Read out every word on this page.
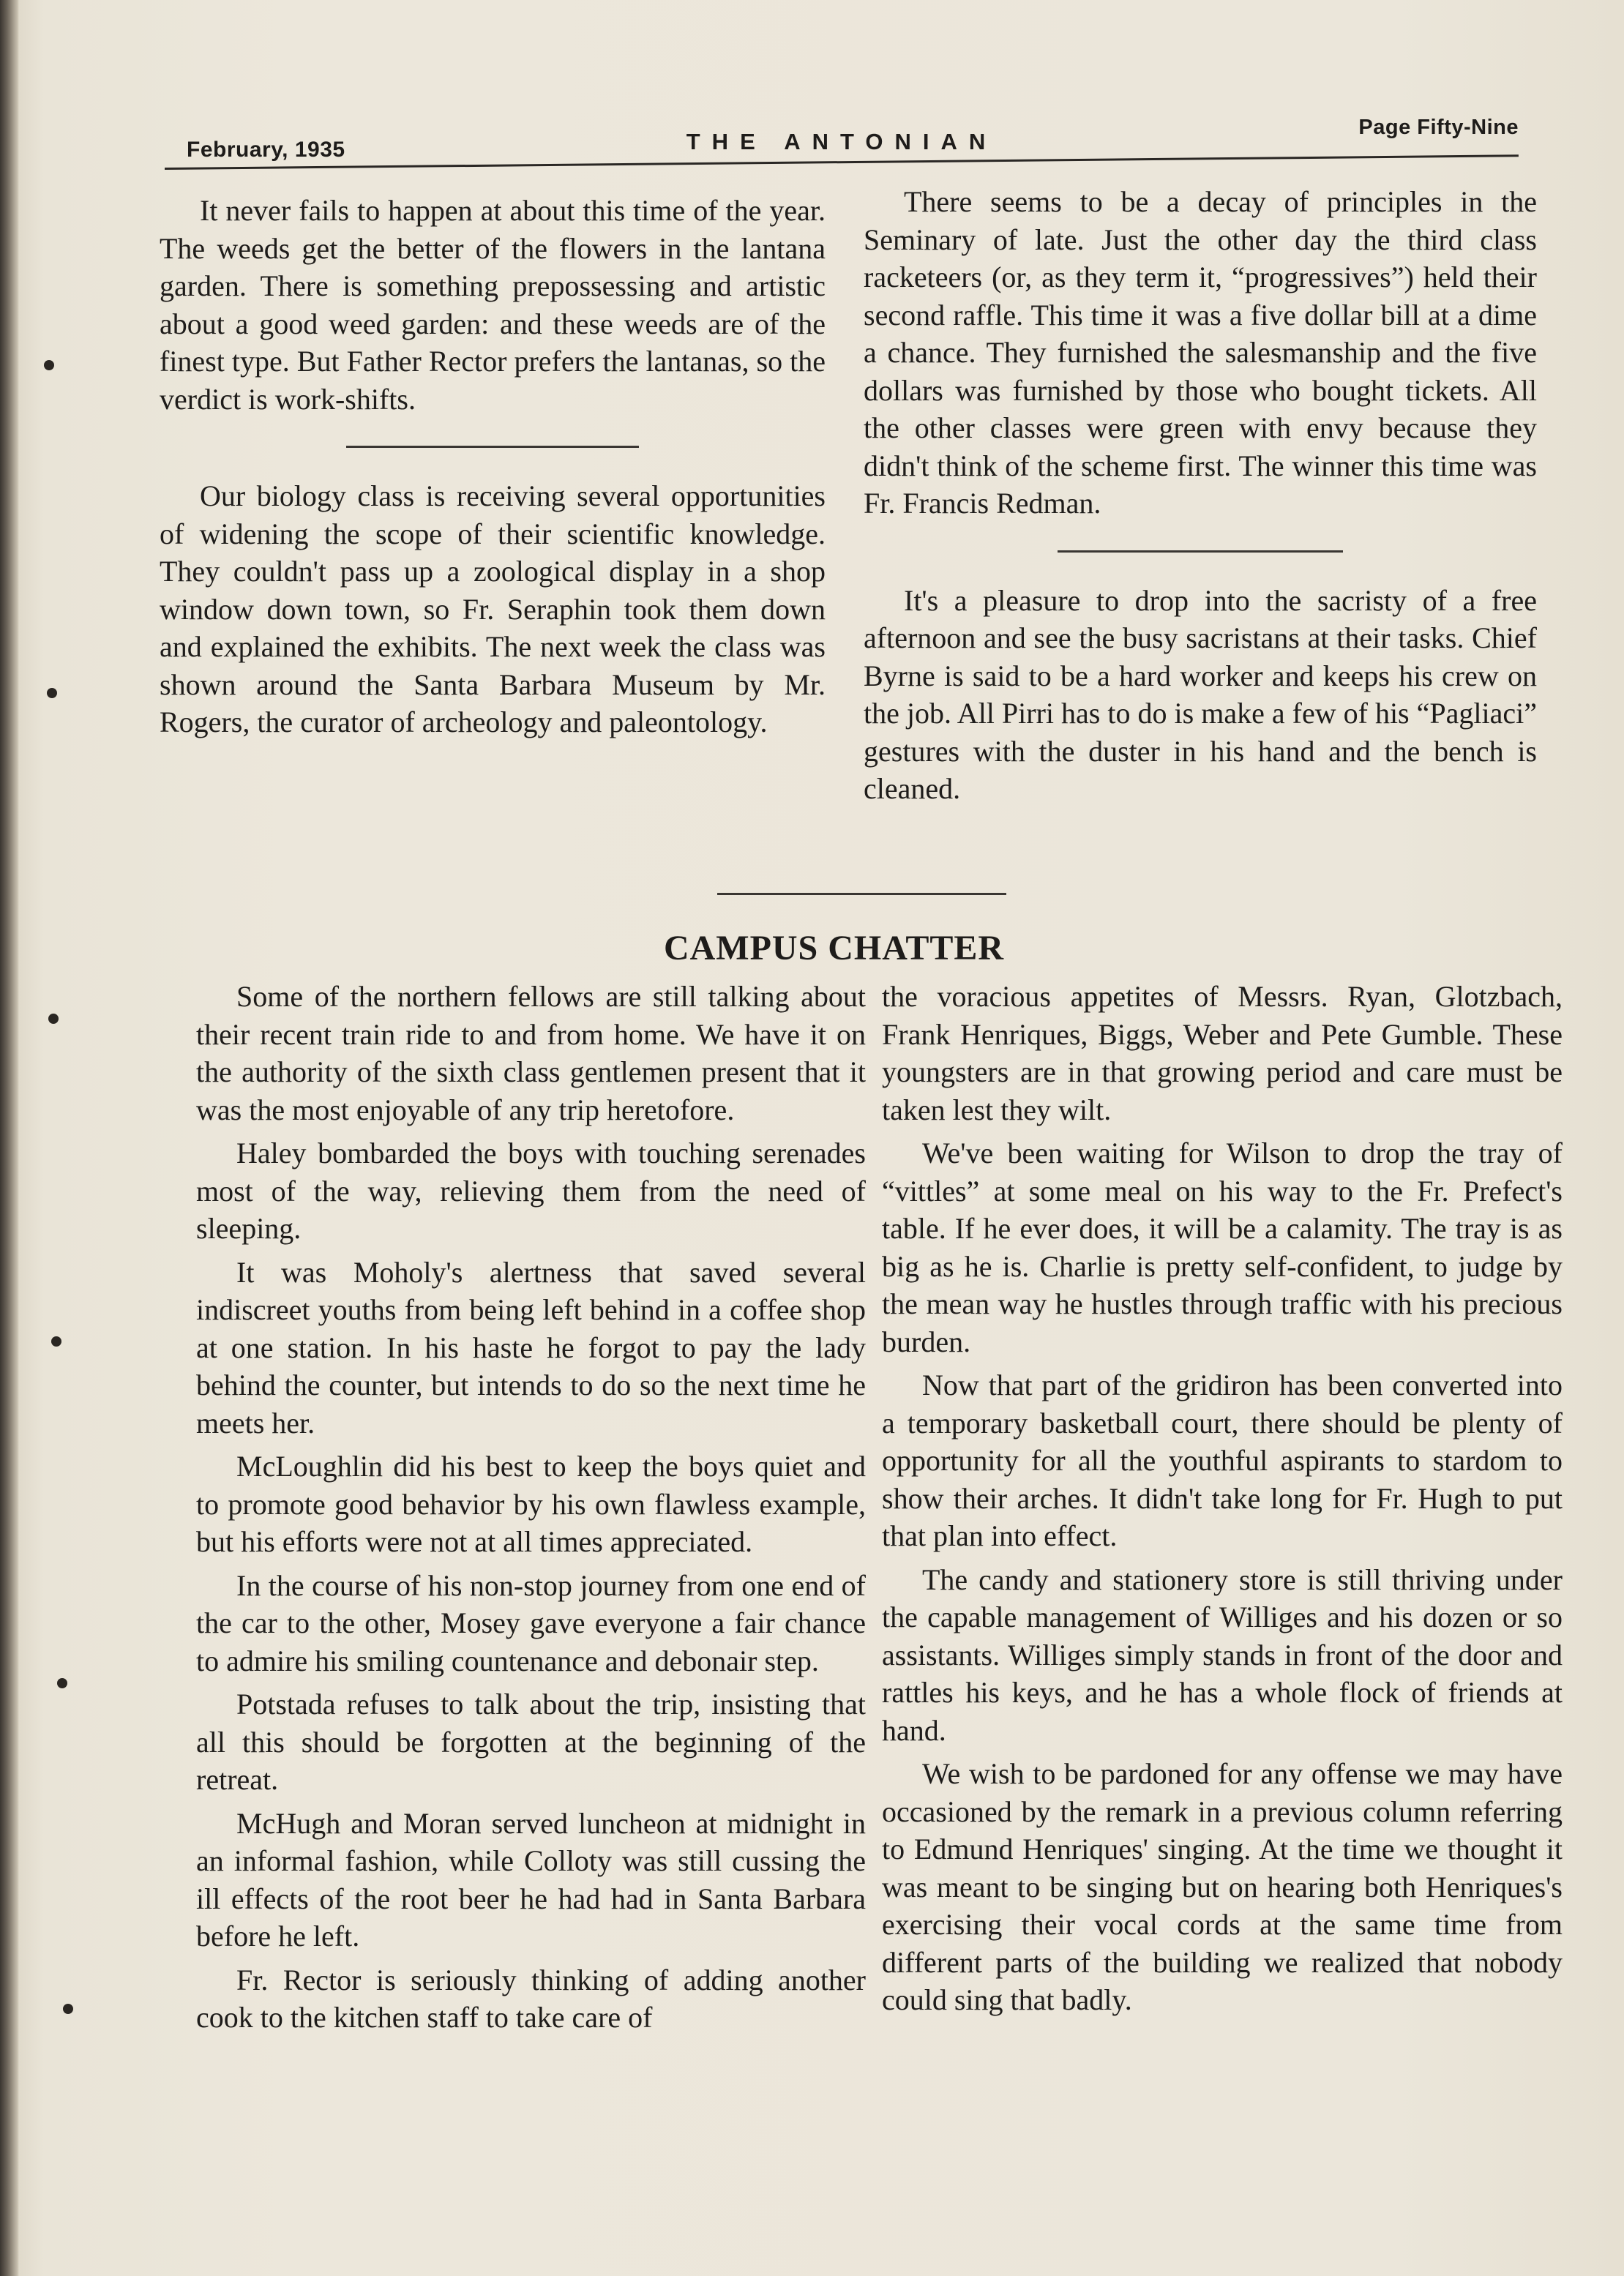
February, 1935	THE ANTONIAN
Page Fifty-Nine

It never fails to happen at about this time of the year. The weeds get the better of the flowers in the lantana garden. There is something prepossessing and artistic about a good weed garden: and these weeds are of the finest type. But Father Rector prefers the lantanas, so the verdict is work-shifts.

Our biology class is receiving several opportunities of widening the scope of their scientific knowledge. They couldn't pass up a zoological display in a shop window down town, so Fr. Seraphin took them down and explained the exhibits. The next week the class was shown around the Santa Barbara Museum by Mr. Rogers, the curator of archeology and paleontology.

There seems to be a decay of principles in the Seminary of late. Just the other day the third class racketeers (or, as they term it, “progressives”) held their second raffle. This time it was a five dollar bill at a dime a chance. They furnished the salesmanship and the five dollars was furnished by those who bought tickets. All the other classes were green with envy because they didn't think of the scheme first. The winner this time was Fr. Francis Redman.

It's a pleasure to drop into the sacristy of a free afternoon and see the busy sacristans at their tasks. Chief Byrne is said to be a hard worker and keeps his crew on the job. All Pirri has to do is make a few of his “Pagliaci” gestures with the duster in his hand and the bench is cleaned.

CAMPUS CHATTER

Some of the northern fellows are still talking about their recent train ride to and from home. We have it on the authority of the sixth class gentlemen present that it was the most enjoyable of any trip heretofore.

Haley bombarded the boys with touching serenades most of the way, relieving them from the need of sleeping.

It was Moholy's alertness that saved several indiscreet youths from being left behind in a coffee shop at one station. In his haste he forgot to pay the lady behind the counter, but intends to do so the next time he meets her.

McLoughlin did his best to keep the boys quiet and to promote good behavior by his own flawless example, but his efforts were not at all times appreciated.

In the course of his non-stop journey from one end of the car to the other, Mosey gave everyone a fair chance to admire his smiling countenance and debonair step.

Potstada refuses to talk about the trip, insisting that all this should be forgotten at the beginning of the retreat.

McHugh and Moran served luncheon at midnight in an informal fashion, while Colloty was still cussing the ill effects of the root beer he had had in Santa Barbara before he left.

Fr. Rector is seriously thinking of adding another cook to the kitchen staff to take care of

the voracious appetites of Messrs. Ryan, Glotzbach, Frank Henriques, Biggs, Weber and Pete Gumble. These youngsters are in that growing period and care must be taken lest they wilt.

We've been waiting for Wilson to drop the tray of “vittles” at some meal on his way to the Fr. Prefect's table. If he ever does, it will be a calamity. The tray is as big as he is. Charlie is pretty self-confident, to judge by the mean way he hustles through traffic with his precious burden.

Now that part of the gridiron has been converted into a temporary basketball court, there should be plenty of opportunity for all the youthful aspirants to stardom to show their arches. It didn't take long for Fr. Hugh to put that plan into effect.

The candy and stationery store is still thriving under the capable management of Williges and his dozen or so assistants. Williges simply stands in front of the door and rattles his keys, and he has a whole flock of friends at hand.

We wish to be pardoned for any offense we may have occasioned by the remark in a previous column referring to Edmund Henriques' singing. At the time we thought it was meant to be singing but on hearing both Henriques's exercising their vocal cords at the same time from different parts of the building we realized that nobody could sing that badly.
